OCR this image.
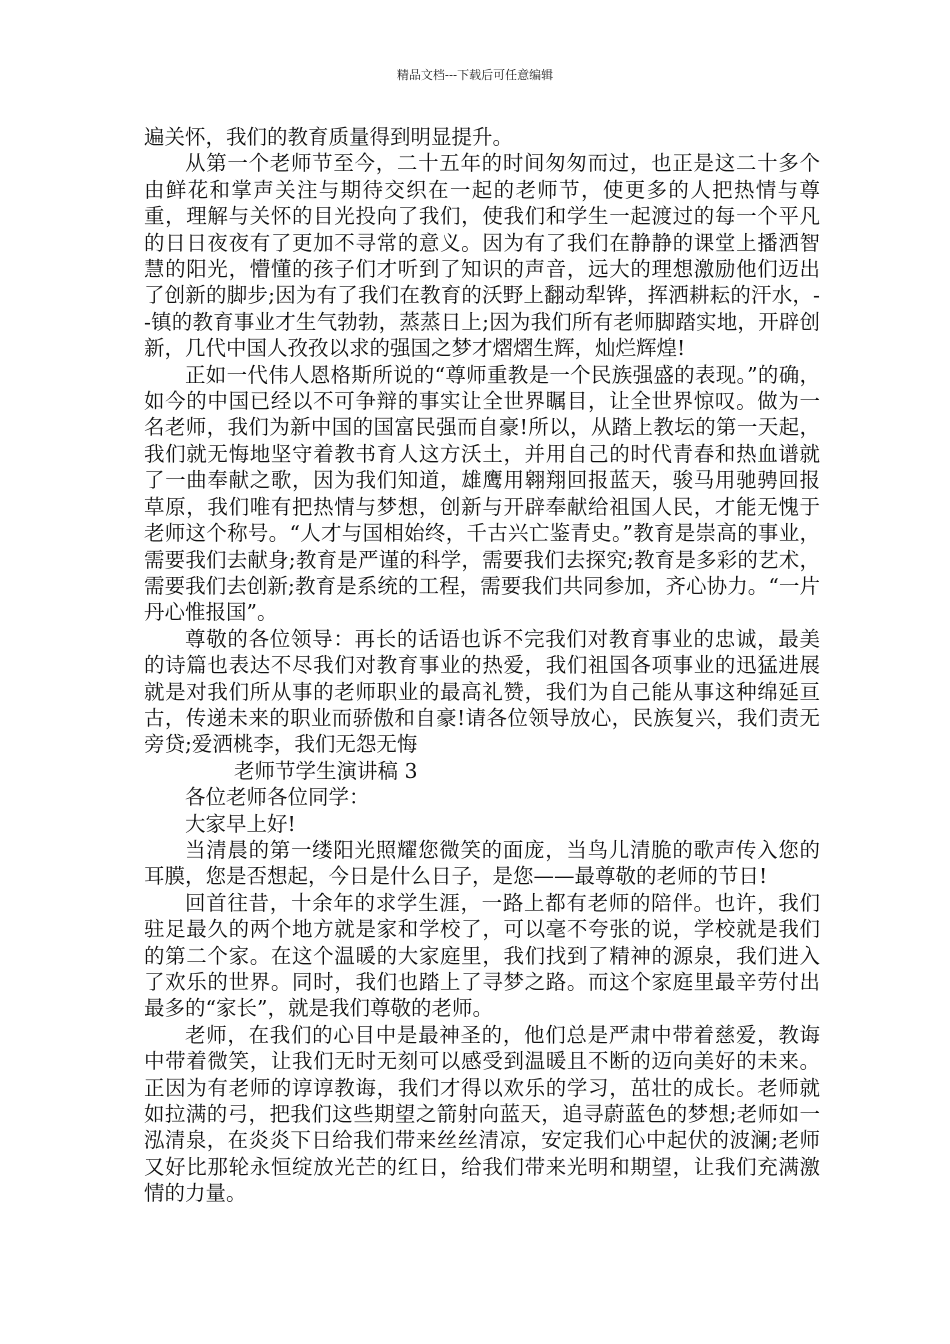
精品文档---下载后可任意编辑

遍关怀，我们的教育质量得到明显提升。

从第一个老师节至今，二十五年的时间匆匆而过，也正是这二十多个由鲜花和掌声关注与期待交织在一起的老师节，使更多的人把热情与尊重，理解与关怀的目光投向了我们，使我们和学生一起渡过的每一个平凡的日日夜夜有了更加不寻常的意义。因为有了我们在静静的课堂上播洒智慧的阳光，懵懂的孩子们才听到了知识的声音，远大的理想激励他们迈出了创新的脚步;因为有了我们在教育的沃野上翻动犁铧，挥洒耕耘的汗水，--镇的教育事业才生气勃勃，蒸蒸日上;因为我们所有老师脚踏实地，开辟创新，几代中国人孜孜以求的强国之梦才熠熠生辉，灿烂辉煌!

正如一代伟人恩格斯所说的“尊师重教是一个民族强盛的表现。”的确，如今的中国已经以不可争辩的事实让全世界瞩目，让全世界惊叹。做为一名老师，我们为新中国的国富民强而自豪!所以，从踏上教坛的第一天起，我们就无悔地坚守着教书育人这方沃土，并用自己的时代青春和热血谱就了一曲奉献之歌，因为我们知道，雄鹰用翱翔回报蓝天，骏马用驰骋回报草原，我们唯有把热情与梦想，创新与开辟奉献给祖国人民，才能无愧于老师这个称号。“人才与国相始终，千古兴亡鉴青史。”教育是崇高的事业，需要我们去献身;教育是严谨的科学，需要我们去探究;教育是多彩的艺术，需要我们去创新;教育是系统的工程，需要我们共同参加，齐心协力。“一片丹心惟报国”。

尊敬的各位领导：再长的话语也诉不完我们对教育事业的忠诚，最美的诗篇也表达不尽我们对教育事业的热爱，我们祖国各项事业的迅猛进展就是对我们所从事的老师职业的最高礼赞，我们为自己能从事这种绵延亘古，传递未来的职业而骄傲和自豪!请各位领导放心，民族复兴，我们责无旁贷;爱洒桃李，我们无怨无悔

老师节学生演讲稿 3

各位老师各位同学：

大家早上好!

当清晨的第一缕阳光照耀您微笑的面庞，当鸟儿清脆的歌声传入您的耳膜，您是否想起，今日是什么日子，是您——最尊敬的老师的节日!

回首往昔，十余年的求学生涯，一路上都有老师的陪伴。也许，我们驻足最久的两个地方就是家和学校了，可以毫不夸张的说，学校就是我们的第二个家。在这个温暖的大家庭里，我们找到了精神的源泉，我们进入了欢乐的世界。同时，我们也踏上了寻梦之路。而这个家庭里最辛劳付出最多的“家长”，就是我们尊敬的老师。

老师，在我们的心目中是最神圣的，他们总是严肃中带着慈爱，教诲中带着微笑，让我们无时无刻可以感受到温暖且不断的迈向美好的未来。正因为有老师的谆谆教诲，我们才得以欢乐的学习，茁壮的成长。老师就如拉满的弓，把我们这些期望之箭射向蓝天，追寻蔚蓝色的梦想;老师如一泓清泉，在炎炎下日给我们带来丝丝清凉，安定我们心中起伏的波澜;老师又好比那轮永恒绽放光芒的红日，给我们带来光明和期望，让我们充满激情的力量。
